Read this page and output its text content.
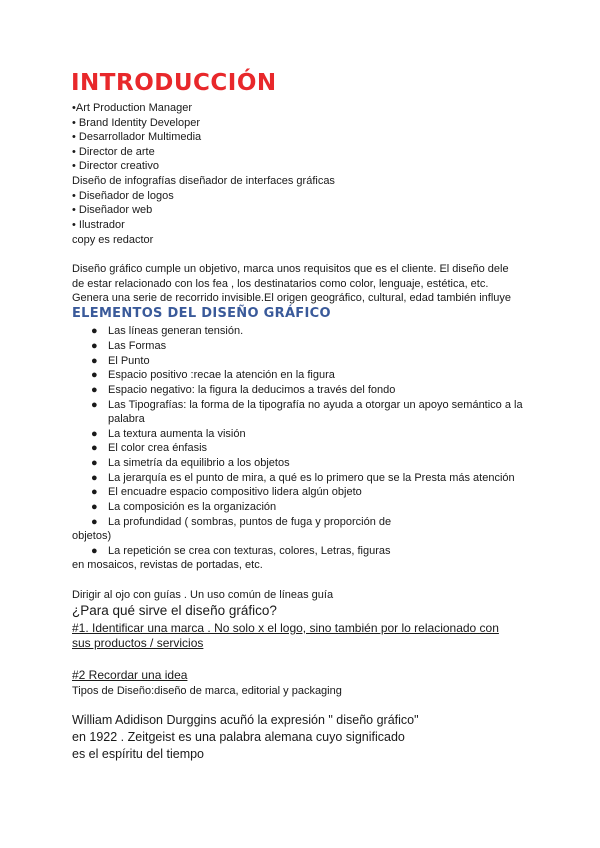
INTRODUCCIÓN
•Art Production Manager
• Brand Identity Developer
• Desarrollador Multimedia
• Director de arte
• Director creativo
Diseño de infografías diseñador de interfaces gráficas
• Diseñador de logos
• Diseñador web
• Ilustrador
copy es redactor
Diseño gráfico cumple un objetivo, marca unos requisitos que es el cliente. El diseño dele
de estar relacionado con los fea , los destinatarios como color, lenguaje, estética, etc.
Genera una serie de recorrido invisible.El origen geográfico, cultural, edad también influye
ELEMENTOS DEL DISEÑO GRÁFICO
● Las líneas generan tensión.
● Las Formas
● El Punto
● Espacio positivo :recae la atención en la figura
● Espacio negativo: la figura la deducimos a través del fondo
● Las Tipografías: la forma de la tipografía no ayuda a otorgar un apoyo semántico a la
palabra
● La textura aumenta la visión
● El color crea énfasis
● La simetría da equilibrio a los objetos
● La jerarquía es el punto de mira, a qué es lo primero que se la Presta más atención
● El encuadre espacio compositivo lidera algún objeto
● La composición es la organización
● La profundidad ( sombras, puntos de fuga y proporción de
objetos)
● La repetición se crea con texturas, colores, Letras, figuras
en mosaicos, revistas de portadas, etc.
Dirigir al ojo con guías . Un uso común de líneas guía
¿Para qué sirve el diseño gráfico?
#1. Identificar una marca . No solo x el logo, sino también por lo relacionado con
sus productos / servicios
#2 Recordar una idea
Tipos de Diseño:diseño de marca, editorial y packaging
William Adidison Durggins acuñó la expresión " diseño gráfico"
en 1922 . Zeitgeist es una palabra alemana cuyo significado
es el espíritu del tiempo
